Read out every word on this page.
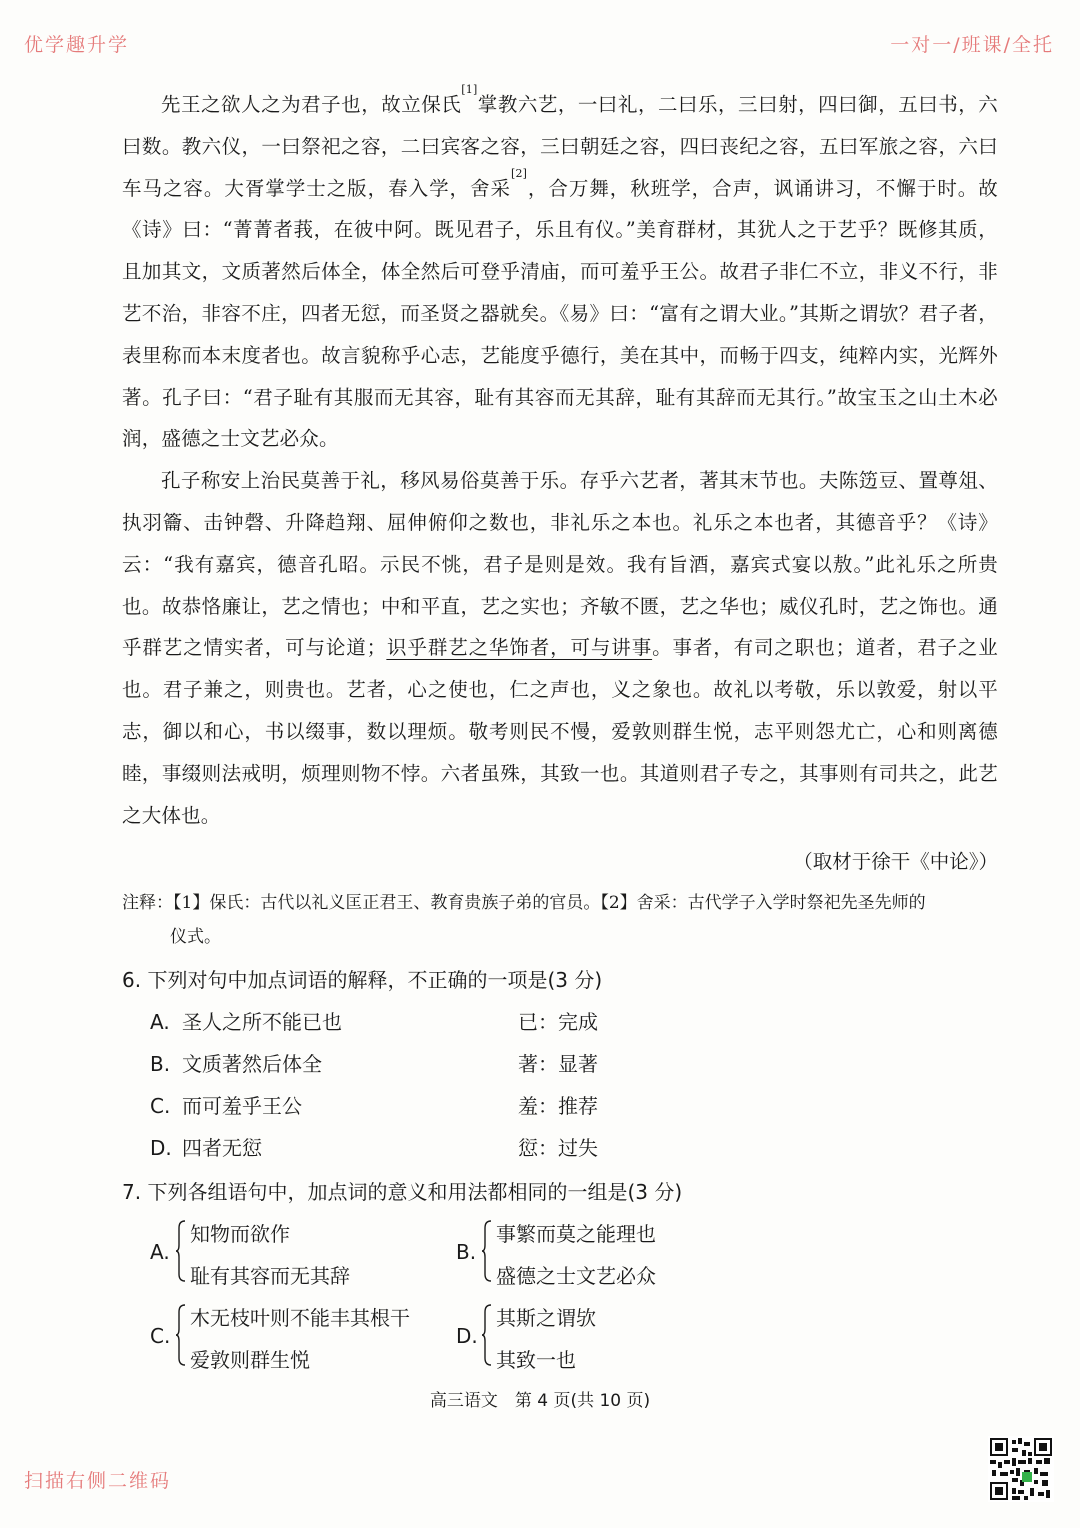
优学趣升学	一对一/班课/全托
扫描右侧二维码

先王之欲人之为君子也，故立保氏[1]掌教六艺，一曰礼，二曰乐，三曰射，四曰御，五曰书，六曰数。教六仪，一曰祭祀之容，二曰宾客之容，三曰朝廷之容，四曰丧纪之容，五曰军旅之容，六曰车马之容。大胥掌学士之版，春入学，舍采[2]，合万舞，秋班学，合声，讽诵讲习，不懈于时。故《诗》曰：“菁菁者莪，在彼中阿。既见君子，乐且有仪。”美育群材，其犹人之于艺乎？既修其质，且加其文，文质著然后体全，体全然后可登乎清庙，而可羞乎王公。故君子非仁不立，非义不行，非艺不治，非容不庄，四者无愆，而圣贤之器就矣。《易》曰：“富有之谓大业。”其斯之谓欤？君子者，表里称而本末度者也。故言貌称乎心志，艺能度乎德行，美在其中，而畅于四支，纯粹内实，光辉外著。孔子曰：“君子耻有其服而无其容，耻有其容而无其辞，耻有其辞而无其行。”故宝玉之山土木必润，盛德之士文艺必众。

孔子称安上治民莫善于礼，移风易俗莫善于乐。存乎六艺者，著其末节也。夫陈笾豆、置尊俎、执羽籥、击钟磬、升降趋翔、屈伸俯仰之数也，非礼乐之本也。礼乐之本也者，其德音乎？《诗》云：“我有嘉宾，德音孔昭。示民不恌，君子是则是效。我有旨酒，嘉宾式宴以敖。”此礼乐之所贵也。故恭恪廉让，艺之情也；中和平直，艺之实也；齐敏不匮，艺之华也；威仪孔时，艺之饰也。通乎群艺之情实者，可与论道；识乎群艺之华饰者，可与讲事。事者，有司之职也；道者，君子之业也。君子兼之，则贵也。艺者，心之使也，仁之声也，义之象也。故礼以考敬，乐以敦爱，射以平志，御以和心，书以缀事，数以理烦。敬考则民不慢，爱敦则群生悦，志平则怨尤亡，心和则离德睦，事缀则法戒明，烦理则物不悖。六者虽殊，其致一也。其道则君子专之，其事则有司共之，此艺之大体也。

（取材于徐干《中论》）
注释：【1】保氏：古代以礼义匡正君王、教育贵族子弟的官员。【2】舍采：古代学子入学时祭祀先圣先师的
仪式。
6. 下列对句中加点词语的解释，不正确的一项是(3 分)
A. 圣人之所不能已也	已：完成
B. 文质著然后体全	著：显著
C. 而可羞乎王公	羞：推荐
D. 四者无愆	愆：过失
7. 下列各组语句中，加点词的意义和用法都相同的一组是(3 分)
A.
知物而欲作
耻有其容而无其辞
B.
事繁而莫之能理也
盛德之士文艺必众
C.
木无枝叶则不能丰其根干
爱敦则群生悦
D.
其斯之谓欤
其致一也
高三语文　第 4 页(共 10 页)
